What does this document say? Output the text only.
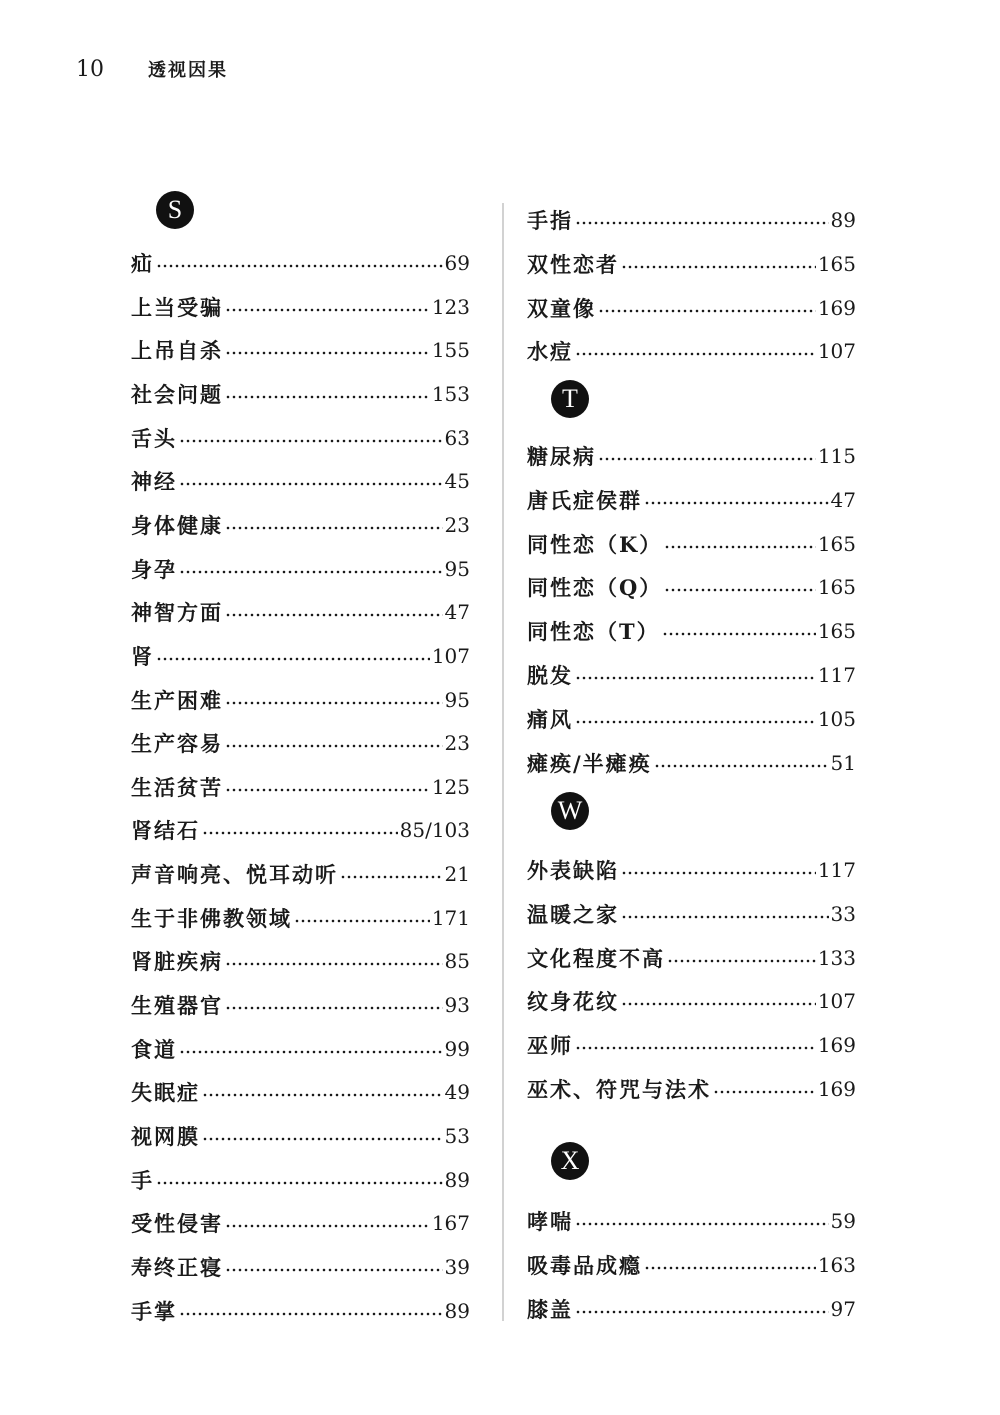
10	透视因果
S
T
W
X
疝	69
上当受骗	123
上吊自杀	155
社会问题	153
舌头	63
神经	45
身体健康	23
身孕	95
神智方面	47
肾	107
生产困难	95
生产容易	23
生活贫苦	125
肾结石	85/103
声音响亮、悦耳动听	21
生于非佛教领域	171
肾脏疾病	85
生殖器官	93
食道	99
失眠症	49
视网膜	53
手	89
受性侵害	167
寿终正寝	39
手掌	89
手指	89
双性恋者	165
双童像	169
水痘	107
糖尿病	115
唐氏症侯群	47
同性恋（K）	165
同性恋（Q）	165
同性恋（T）	165
脱发	117
痛风	105
瘫痪/半瘫痪	51
外表缺陷	117
温暖之家	33
文化程度不高	133
纹身花纹	107
巫师	169
巫术、符咒与法术	169
哮喘	59
吸毒品成瘾	163
膝盖	97
